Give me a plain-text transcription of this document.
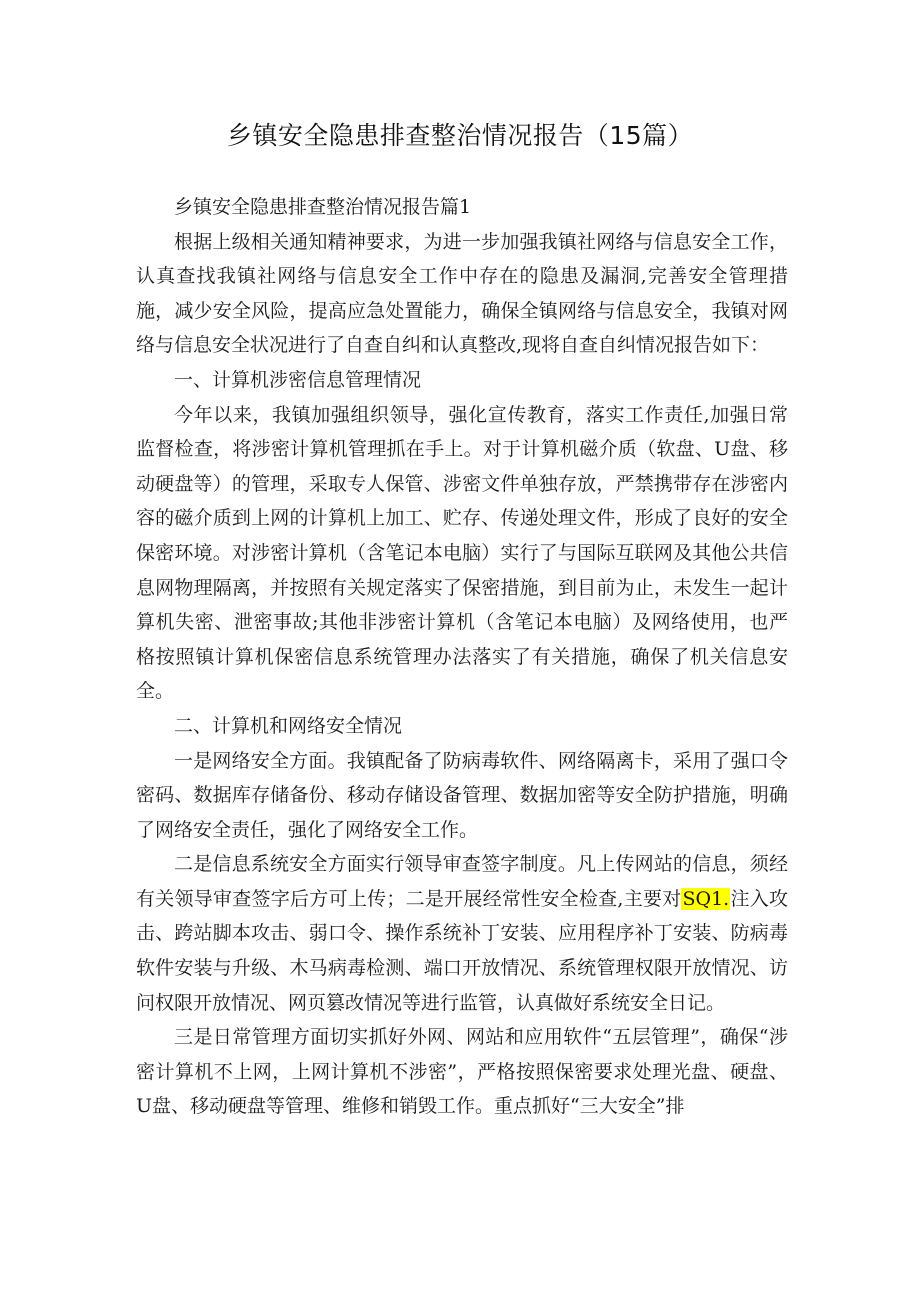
乡镇安全隐患排查整治情况报告（15篇）

乡镇安全隐患排查整治情况报告篇1

根据上级相关通知精神要求，为进一步加强我镇社网络与信息安全工作，认真查找我镇社网络与信息安全工作中存在的隐患及漏洞,完善安全管理措施，减少安全风险，提高应急处置能力，确保全镇网络与信息安全，我镇对网络与信息安全状况进行了自查自纠和认真整改,现将自查自纠情况报告如下：

一、计算机涉密信息管理情况

今年以来，我镇加强组织领导，强化宣传教育，落实工作责任,加强日常监督检查，将涉密计算机管理抓在手上。对于计算机磁介质（软盘、U盘、移动硬盘等）的管理，采取专人保管、涉密文件单独存放，严禁携带存在涉密内容的磁介质到上网的计算机上加工、贮存、传递处理文件，形成了良好的安全保密环境。对涉密计算机（含笔记本电脑）实行了与国际互联网及其他公共信息网物理隔离，并按照有关规定落实了保密措施，到目前为止，未发生一起计算机失密、泄密事故;其他非涉密计算机（含笔记本电脑）及网络使用，也严格按照镇计算机保密信息系统管理办法落实了有关措施，确保了机关信息安全。

二、计算机和网络安全情况

一是网络安全方面。我镇配备了防病毒软件、网络隔离卡，采用了强口令密码、数据库存储备份、移动存储设备管理、数据加密等安全防护措施，明确了网络安全责任，强化了网络安全工作。

二是信息系统安全方面实行领导审查签字制度。凡上传网站的信息，须经有关领导审查签字后方可上传；二是开展经常性安全检查,主要对SQ1.注入攻击、跨站脚本攻击、弱口令、操作系统补丁安装、应用程序补丁安装、防病毒软件安装与升级、木马病毒检测、端口开放情况、系统管理权限开放情况、访问权限开放情况、网页篡改情况等进行监管，认真做好系统安全日记。

三是日常管理方面切实抓好外网、网站和应用软件“五层管理”，确保“涉密计算机不上网，上网计算机不涉密”，严格按照保密要求处理光盘、硬盘、U盘、移动硬盘等管理、维修和销毁工作。重点抓好“三大安全”排
